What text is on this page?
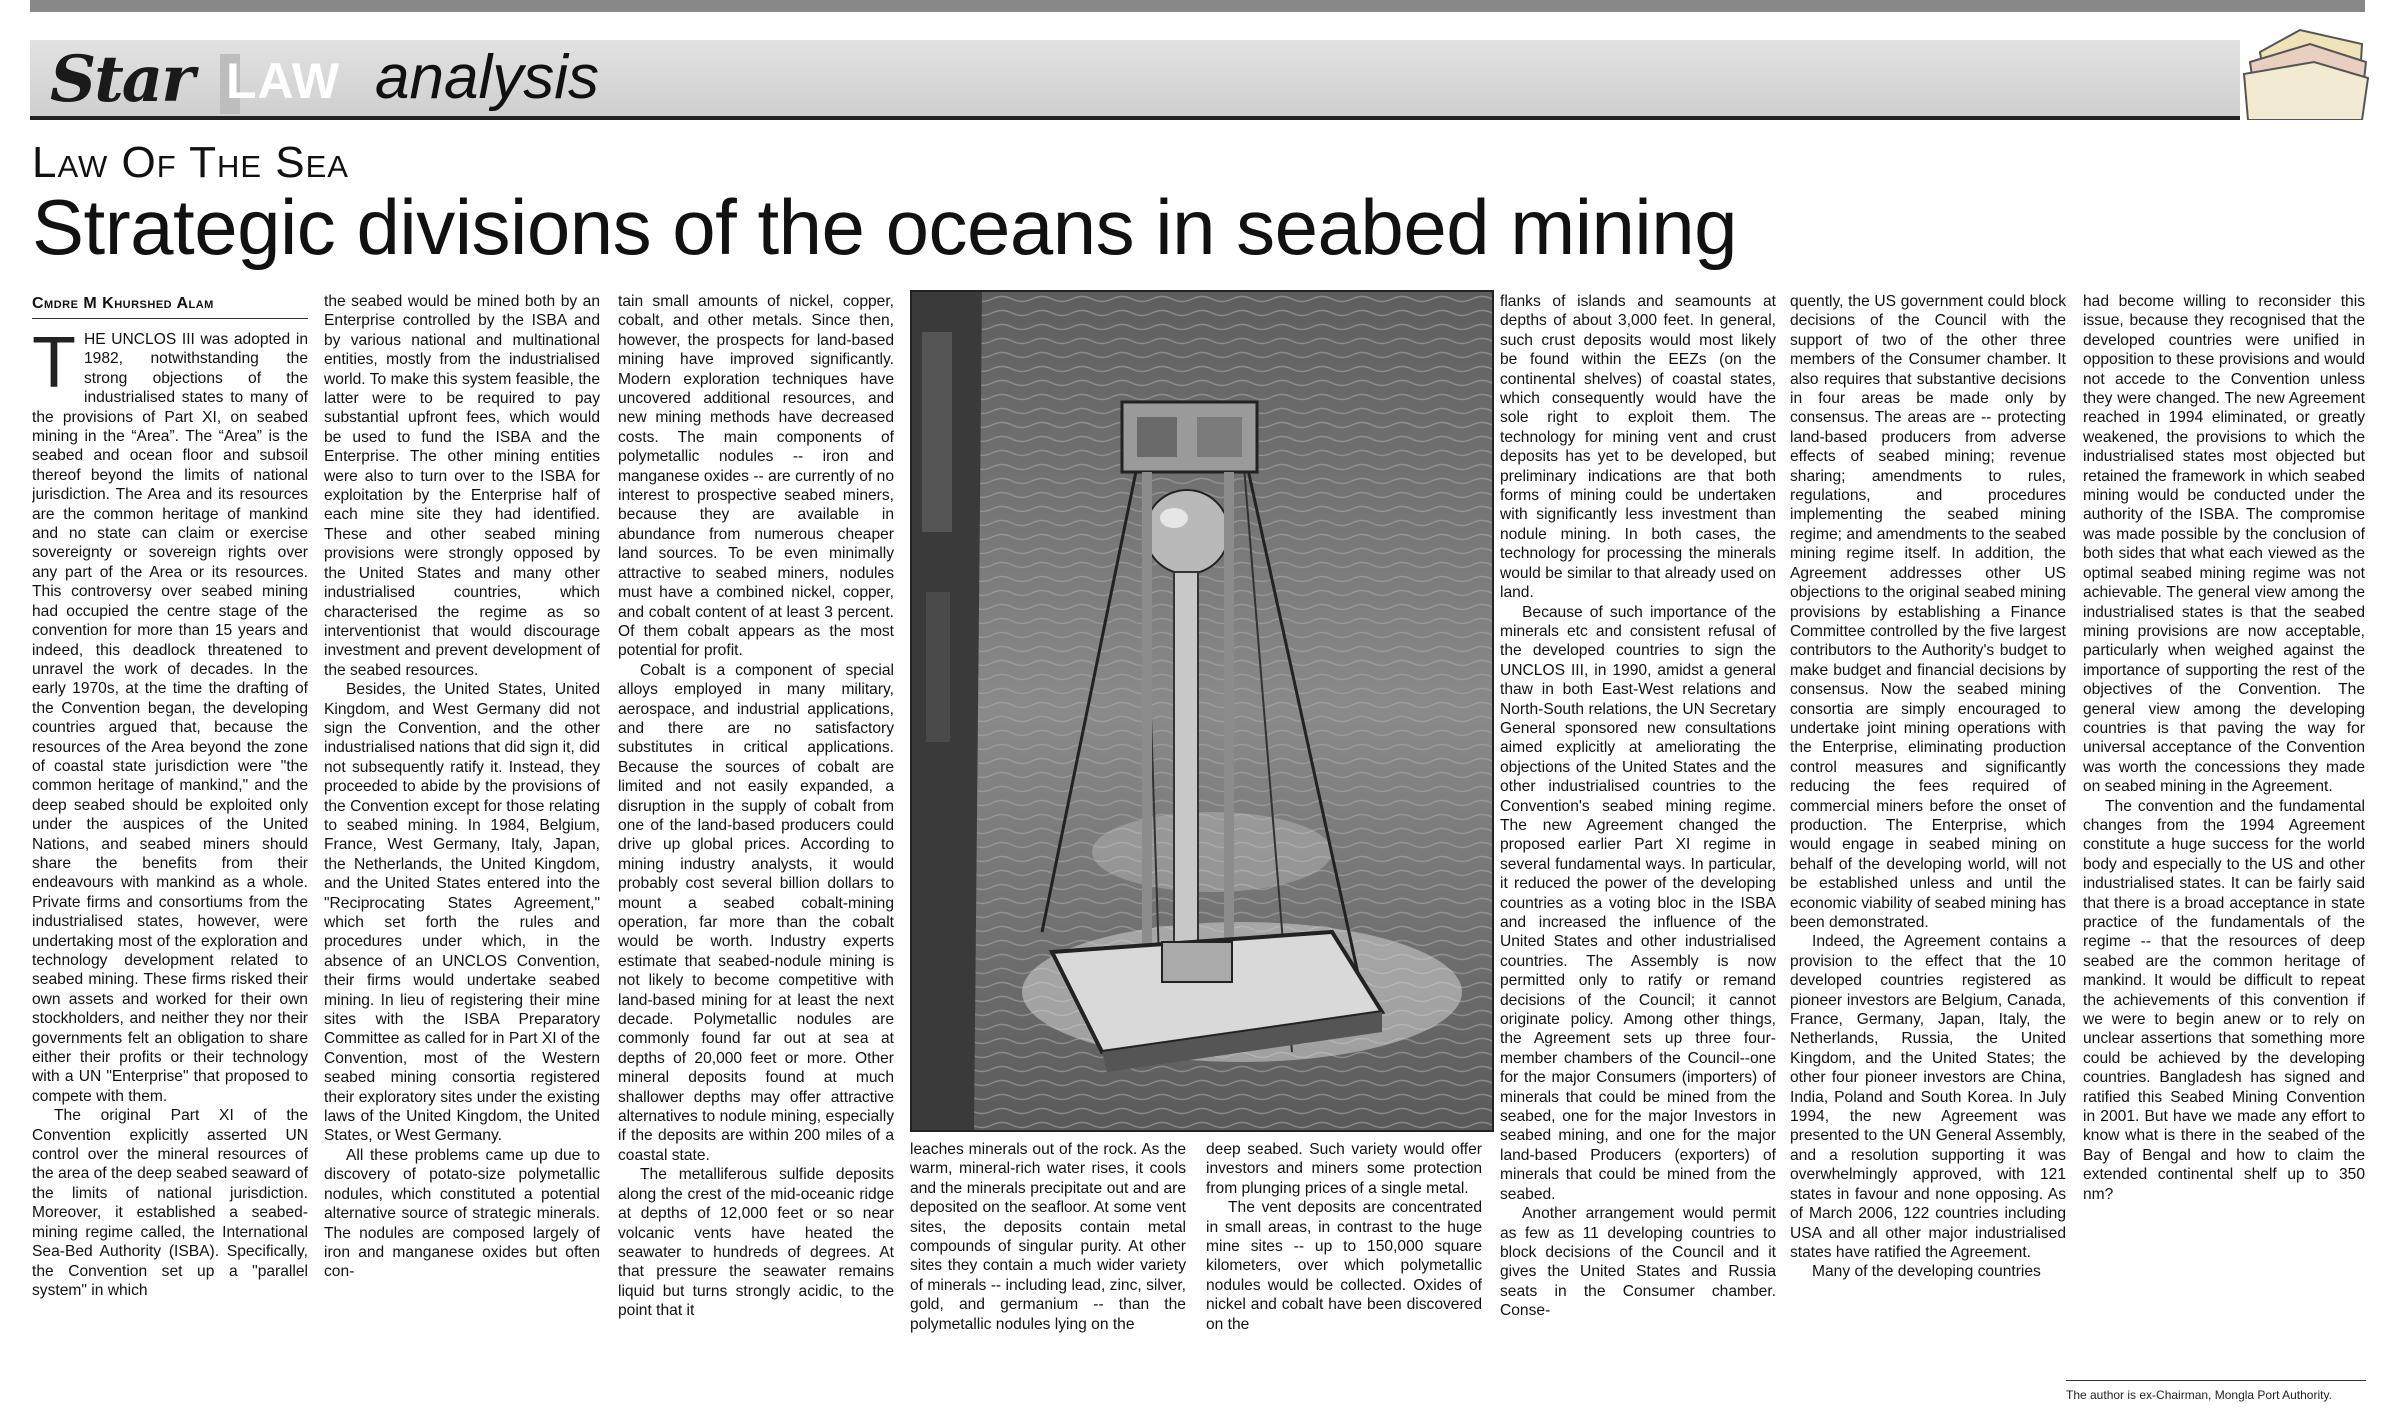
Star LAW analysis
Law Of The Sea
Strategic divisions of the oceans in seabed mining
Cmdre M Khurshed Alam
T HE UNCLOS III was adopted in 1982, notwithstanding the strong objections of the industrialised states to many of the provisions of Part XI, on seabed mining in the “Area”. The “Area” is the seabed and ocean floor and subsoil thereof beyond the limits of national jurisdiction. The Area and its resources are the common heritage of mankind and no state can claim or exercise sovereignty or sovereign rights over any part of the Area or its resources. This controversy over seabed mining had occupied the centre stage of the convention for more than 15 years and indeed, this deadlock threatened to unravel the work of decades. In the early 1970s, at the time the drafting of the Convention began, the developing countries argued that, because the resources of the Area beyond the zone of coastal state jurisdiction were "the common heritage of mankind," and the deep seabed should be exploited only under the auspices of the United Nations, and seabed miners should share the benefits from their endeavours with mankind as a whole. Private firms and consortiums from the industrialised states, however, were undertaking most of the exploration and technology development related to seabed mining. These firms risked their own assets and worked for their own stockholders, and neither they nor their governments felt an obligation to share either their profits or their technology with a UN "Enterprise" that proposed to compete with them.

The original Part XI of the Convention explicitly asserted UN control over the mineral resources of the area of the deep seabed seaward of the limits of national jurisdiction. Moreover, it established a seabed-mining regime called, the International Sea-Bed Authority (ISBA). Specifically, the Convention set up a "parallel system" in which

the seabed would be mined both by an Enterprise controlled by the ISBA and by various national and multinational entities, mostly from the industrialised world. To make this system feasible, the latter were to be required to pay substantial upfront fees, which would be used to fund the ISBA and the Enterprise. The other mining entities were also to turn over to the ISBA for exploitation by the Enterprise half of each mine site they had identified. These and other seabed mining provisions were strongly opposed by the United States and many other industrialised countries, which characterised the regime as so interventionist that would discourage investment and prevent development of the seabed resources.

Besides, the United States, United Kingdom, and West Germany did not sign the Convention, and the other industrialised nations that did sign it, did not subsequently ratify it. Instead, they proceeded to abide by the provisions of the Convention except for those relating to seabed mining. In 1984, Belgium, France, West Germany, Italy, Japan, the Netherlands, the United Kingdom, and the United States entered into the "Reciprocating States Agreement," which set forth the rules and procedures under which, in the absence of an UNCLOS Convention, their firms would undertake seabed mining. In lieu of registering their mine sites with the ISBA Preparatory Committee as called for in Part XI of the Convention, most of the Western seabed mining consortia registered their exploratory sites under the existing laws of the United Kingdom, the United States, or West Germany.

All these problems came up due to discovery of potato-size polymetallic nodules, which constituted a potential alternative source of strategic minerals. The nodules are composed largely of iron and manganese oxides but often con-

tain small amounts of nickel, copper, cobalt, and other metals. Since then, however, the prospects for land-based mining have improved significantly. Modern exploration techniques have uncovered additional resources, and new mining methods have decreased costs. The main components of polymetallic nodules -- iron and manganese oxides -- are currently of no interest to prospective seabed miners, because they are available in abundance from numerous cheaper land sources. To be even minimally attractive to seabed miners, nodules must have a combined nickel, copper, and cobalt content of at least 3 percent. Of them cobalt appears as the most potential for profit.

Cobalt is a component of special alloys employed in many military, aerospace, and industrial applications, and there are no satisfactory substitutes in critical applications. Because the sources of cobalt are limited and not easily expanded, a disruption in the supply of cobalt from one of the land-based producers could drive up global prices. According to mining industry analysts, it would probably cost several billion dollars to mount a seabed cobalt-mining operation, far more than the cobalt would be worth. Industry experts estimate that seabed-nodule mining is not likely to become competitive with land-based mining for at least the next decade. Polymetallic nodules are commonly found far out at sea at depths of 20,000 feet or more. Other mineral deposits found at much shallower depths may offer attractive alternatives to nodule mining, especially if the deposits are within 200 miles of a coastal state.

The metalliferous sulfide deposits along the crest of the mid-oceanic ridge at depths of 12,000 feet or so near volcanic vents have heated the seawater to hundreds of degrees. At that pressure the seawater remains liquid but turns strongly acidic, to the point that it

leaches minerals out of the rock. As the warm, mineral-rich water rises, it cools and the minerals precipitate out and are deposited on the seafloor. At some vent sites, the deposits contain metal compounds of singular purity. At other sites they contain a much wider variety of minerals -- including lead, zinc, silver, gold, and germanium -- than the polymetallic nodules lying on the

deep seabed. Such variety would offer investors and miners some protection from plunging prices of a single metal.

The vent deposits are concentrated in small areas, in contrast to the huge mine sites -- up to 150,000 square kilometers, over which polymetallic nodules would be collected. Oxides of nickel and cobalt have been discovered on the

flanks of islands and seamounts at depths of about 3,000 feet. In general, such crust deposits would most likely be found within the EEZs (on the continental shelves) of coastal states, which consequently would have the sole right to exploit them. The technology for mining vent and crust deposits has yet to be developed, but preliminary indications are that both forms of mining could be undertaken with significantly less investment than nodule mining. In both cases, the technology for processing the minerals would be similar to that already used on land.

Because of such importance of the minerals etc and consistent refusal of the developed countries to sign the UNCLOS III, in 1990, amidst a general thaw in both East-West relations and North-South relations, the UN Secretary General sponsored new consultations aimed explicitly at ameliorating the objections of the United States and the other industrialised countries to the Convention's seabed mining regime. The new Agreement changed the proposed earlier Part XI regime in several fundamental ways. In particular, it reduced the power of the developing countries as a voting bloc in the ISBA and increased the influence of the United States and other industrialised countries. The Assembly is now permitted only to ratify or remand decisions of the Council; it cannot originate policy. Among other things, the Agreement sets up three four-member chambers of the Council--one for the major Consumers (importers) of minerals that could be mined from the seabed, one for the major Investors in seabed mining, and one for the major land-based Producers (exporters) of minerals that could be mined from the seabed.

Another arrangement would permit as few as 11 developing countries to block decisions of the Council and it gives the United States and Russia seats in the Consumer chamber. Conse-

quently, the US government could block decisions of the Council with the support of two of the other three members of the Consumer chamber. It also requires that substantive decisions in four areas be made only by consensus. The areas are -- protecting land-based producers from adverse effects of seabed mining; revenue sharing; amendments to rules, regulations, and procedures implementing the seabed mining regime; and amendments to the seabed mining regime itself. In addition, the Agreement addresses other US objections to the original seabed mining provisions by establishing a Finance Committee controlled by the five largest contributors to the Authority's budget to make budget and financial decisions by consensus. Now the seabed mining consortia are simply encouraged to undertake joint mining operations with the Enterprise, eliminating production control measures and significantly reducing the fees required of commercial miners before the onset of production. The Enterprise, which would engage in seabed mining on behalf of the developing world, will not be established unless and until the economic viability of seabed mining has been demonstrated.

Indeed, the Agreement contains a provision to the effect that the 10 developed countries registered as pioneer investors are Belgium, Canada, France, Germany, Japan, Italy, the Netherlands, Russia, the United Kingdom, and the United States; the other four pioneer investors are China, India, Poland and South Korea. In July 1994, the new Agreement was presented to the UN General Assembly, and a resolution supporting it was overwhelmingly approved, with 121 states in favour and none opposing. As of March 2006, 122 countries including USA and all other major industrialised states have ratified the Agreement.

Many of the developing countries

had become willing to reconsider this issue, because they recognised that the developed countries were unified in opposition to these provisions and would not accede to the Convention unless they were changed. The new Agreement reached in 1994 eliminated, or greatly weakened, the provisions to which the industrialised states most objected but retained the framework in which seabed mining would be conducted under the authority of the ISBA. The compromise was made possible by the conclusion of both sides that what each viewed as the optimal seabed mining regime was not achievable. The general view among the industrialised states is that the seabed mining provisions are now acceptable, particularly when weighed against the importance of supporting the rest of the objectives of the Convention. The general view among the developing countries is that paving the way for universal acceptance of the Convention was worth the concessions they made on seabed mining in the Agreement.

The convention and the fundamental changes from the 1994 Agreement constitute a huge success for the world body and especially to the US and other industrialised states. It can be fairly said that there is a broad acceptance in state practice of the fundamentals of the regime -- that the resources of deep seabed are the common heritage of mankind. It would be difficult to repeat the achievements of this convention if we were to begin anew or to rely on unclear assertions that something more could be achieved by the developing countries. Bangladesh has signed and ratified this Seabed Mining Convention in 2001. But have we made any effort to know what is there in the seabed of the Bay of Bengal and how to claim the extended continental shelf up to 350 nm?

The author is ex-Chairman, Mongla Port Authority.
